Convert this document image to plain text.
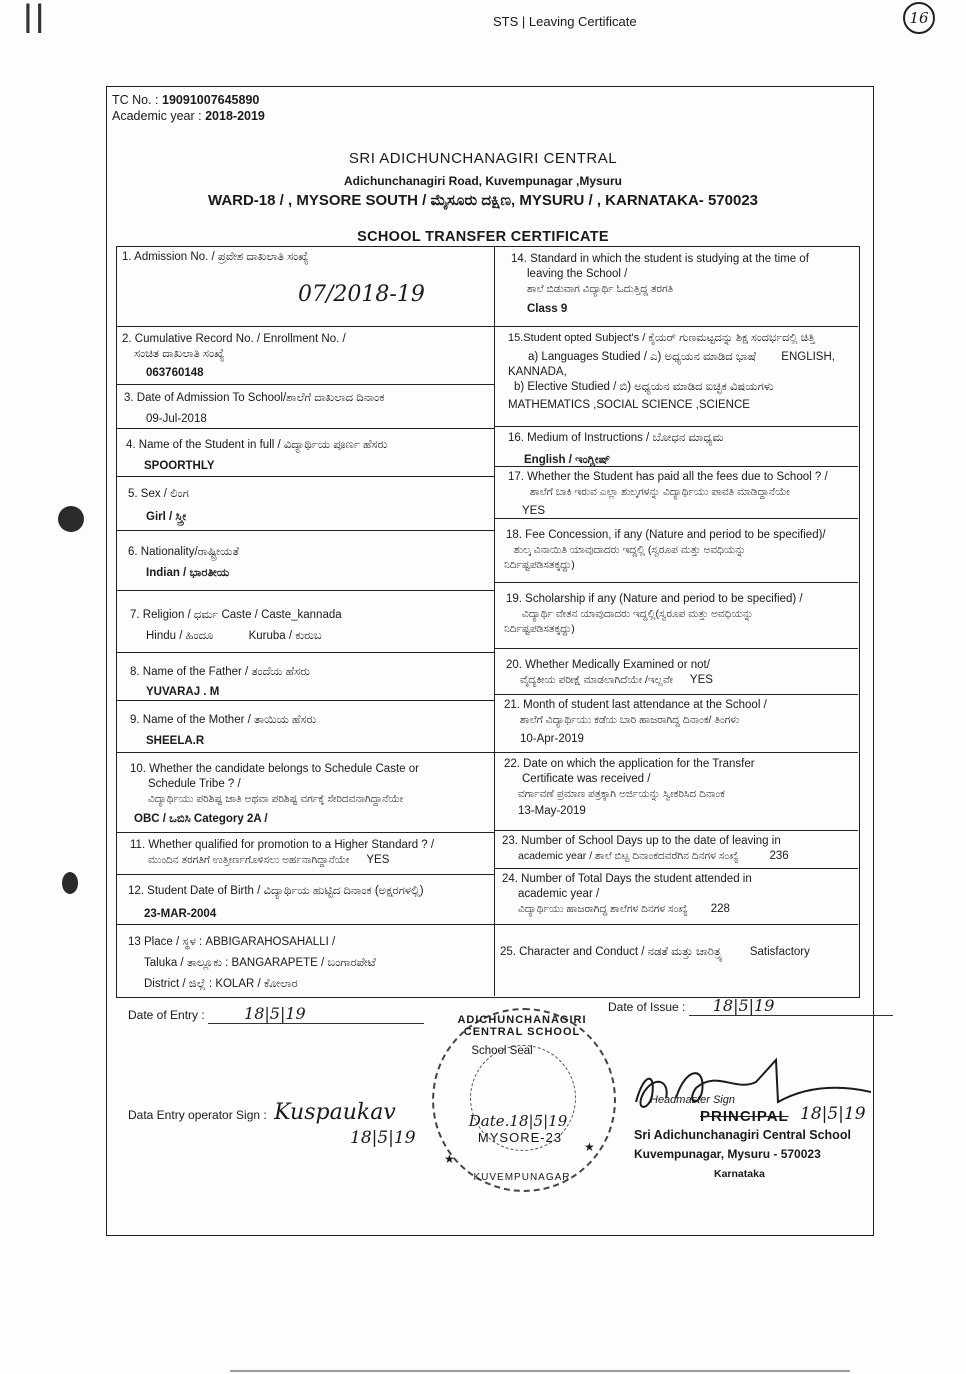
ǀǀ	16
STS | Leaving Certificate
TC No. : 19091007645890
Academic year : 2018-2019
SRI ADICHUNCHANAGIRI CENTRAL
Adichunchanagiri Road, Kuvempunagar ,Mysuru
WARD-18 / , MYSORE SOUTH / ಮೈಸೂರು ದಕ್ಷಿಣ, MYSURU / , KARNATAKA- 570023
SCHOOL TRANSFER CERTIFICATE
1. Admission No. / ಪ್ರವೇಶ ದಾಖಲಾತಿ ಸಂಖ್ಯೆ
07/2018-19
2. Cumulative Record No. / Enrollment No. /
ಸಂಚಿತ ದಾಖಲಾತಿ ಸಂಖ್ಯೆ
063760148
3. Date of Admission To School/ಶಾಲೆಗೆ ದಾಖಲಾದ ದಿನಾಂಕ
09-Jul-2018
4. Name of the Student in full / ವಿದ್ಯಾರ್ಥಿಯ ಪೂರ್ಣ ಹೆಸರು
SPOORTHLY
5. Sex / ಲಿಂಗ
Girl / ಸ್ತ್ರೀ
6. Nationality/ರಾಷ್ಟ್ರೀಯತೆ
Indian / ಭಾರತೀಯ
7. Religion / ಧರ್ಮ Caste / Caste_kannada
Hindu / ಹಿಂದೂ	Kuruba / ಕುರುಬ
8. Name of the Father / ತಂದೆಯ ಹೆಸರು
YUVARAJ . M
9. Name of the Mother / ತಾಯಿಯ ಹೆಸರು
SHEELA.R
10. Whether the candidate belongs to Schedule Caste or
Schedule Tribe ? /
ವಿದ್ಯಾರ್ಥಿಯು ಪರಿಶಿಷ್ಟ ಜಾತಿ ಅಥವಾ ಪರಿಶಿಷ್ಟ ವರ್ಗಕ್ಕೆ ಸೇರಿದವನಾಗಿದ್ದಾನೆಯೇ
OBC / ಒಬಿಸಿ Category 2A /
11. Whether qualified for promotion to a Higher Standard ? /
ಮುಂದಿನ ತರಗತಿಗೆ ಉತ್ತೀರ್ಣಗೊಳಿಸಲು ಅರ್ಹನಾಗಿದ್ದಾನೆಯೇ YES
12. Student Date of Birth / ವಿದ್ಯಾರ್ಥಿಯ ಹುಟ್ಟಿದ ದಿನಾಂಕ (ಅಕ್ಷರಗಳಲ್ಲಿ)
23-MAR-2004
13 Place / ಸ್ಥಳ : ABBIGARAHOSAHALLI /
Taluka / ತಾಲ್ಲೂಕು : BANGARAPETE / ಬಂಗಾರಪೇಟೆ
District / ಜಿಲ್ಲೆ : KOLAR / ಕೋಲಾರ
14. Standard in which the student is studying at the time of
leaving the School /
ಶಾಲೆ ಬಿಡುವಾಗ ವಿದ್ಯಾರ್ಥಿ ಓದುತ್ತಿದ್ದ ತರಗತಿ
Class 9
15.Student opted Subject's / ಕೈಯರ್ ಗುಣಮಟ್ಟದನ್ನು ಶಿಕ್ಷ ಸಂದರ್ಭದಲ್ಲಿ ಚಿತ್ತಿ
a) Languages Studied / ಎ) ಅಧ್ಯಯನ ಮಾಡಿದ ಭಾಷೆ ENGLISH,
KANNADA,
b) Elective Studied / ಬಿ) ಅಧ್ಯಯನ ಮಾಡಿದ ಐಚ್ಛಿಕ ವಿಷಯಗಳು
MATHEMATICS ,SOCIAL SCIENCE ,SCIENCE
16. Medium of Instructions / ಬೋಧನ ಮಾಧ್ಯಮ
English / ಇಂಗ್ಲೀಷ್
17. Whether the Student has paid all the fees due to School ? /
ಶಾಲೆಗೆ ಬಾಕಿ ಇರುವ ಎಲ್ಲಾ ಶುಲ್ಕಗಳನ್ನು ವಿದ್ಯಾರ್ಥಿಯು ಪಾವತಿ ಮಾಡಿದ್ದಾನೆಯೇ
YES
18. Fee Concession, if any (Nature and period to be specified)/
ಶುಲ್ಕ ವಿನಾಯಿತಿ ಯಾವುದಾದರು ಇದ್ದಲ್ಲಿ (ಸ್ವರೂಪ ಮತ್ತು ಅವಧಿಯನ್ನು
ನಿರ್ದಿಷ್ಟಪಡಿಸತಕ್ಕದ್ದು)
19. Scholarship if any (Nature and period to be specified) /
ವಿದ್ಯಾರ್ಥಿ ವೇತನ ಯಾವುದಾದರು ಇದ್ದಲ್ಲಿ(ಸ್ವರೂಪ ಮತ್ತು ಅವಧಿಯನ್ನು
ನಿರ್ದಿಷ್ಟಪಡಿಸತಕ್ಕದ್ದು)
20. Whether Medically Examined or not/
ವೈದ್ಯಕೀಯ ಪರೀಕ್ಷೆ ಮಾಡಲಾಗಿದೆಯೇ /ಇಲ್ಲವೇ YES
21. Month of student last attendance at the School /
ಶಾಲೆಗೆ ವಿದ್ಯಾರ್ಥಿಯು ಕಡೆಯ ಬಾರಿ ಹಾಜರಾಗಿದ್ದ ದಿನಾಂಕ/ ತಿಂಗಳು
10-Apr-2019
22. Date on which the application for the Transfer
Certificate was received /
ವರ್ಗಾವಣೆ ಪ್ರಮಾಣ ಪತ್ರಕ್ಕಾಗಿ ಅರ್ಜಿಯನ್ನು ಸ್ವೀಕರಿಸಿದ ದಿನಾಂಕ
13-May-2019
23. Number of School Days up to the date of leaving in
academic year / ಶಾಲೆ ಬಿಟ್ಟ ದಿನಾಂಕದವರೆಗಿನ ದಿನಗಳ ಸಂಖ್ಯೆ	236
24. Number of Total Days the student attended in
academic year /
ವಿದ್ಯಾರ್ಥಿಯು ಹಾಜರಾಗಿದ್ದ ಶಾಲೆಗಳ ದಿನಗಳ ಸಂಖ್ಯೆ 228
25. Character and Conduct / ನಡತೆ ಮತ್ತು ಚಾರಿತ್ರ್ಯ Satisfactory
Date of Entry : 18|5|19	Date of Issue : 18|5|19
Data Entry operator Sign : Kuspaukav
18|5|19
ADICHUNCHANAGIRI CENTRAL SCHOOL
School Seal
Date.18|5|19
MYSORE-23
KUVEMPUNAGAR
★
★
Headmaster Sign
PRINCIPAL 18|5|19
Sri Adichunchanagiri Central School
Kuvempunagar, Mysuru - 570023
Karnataka
